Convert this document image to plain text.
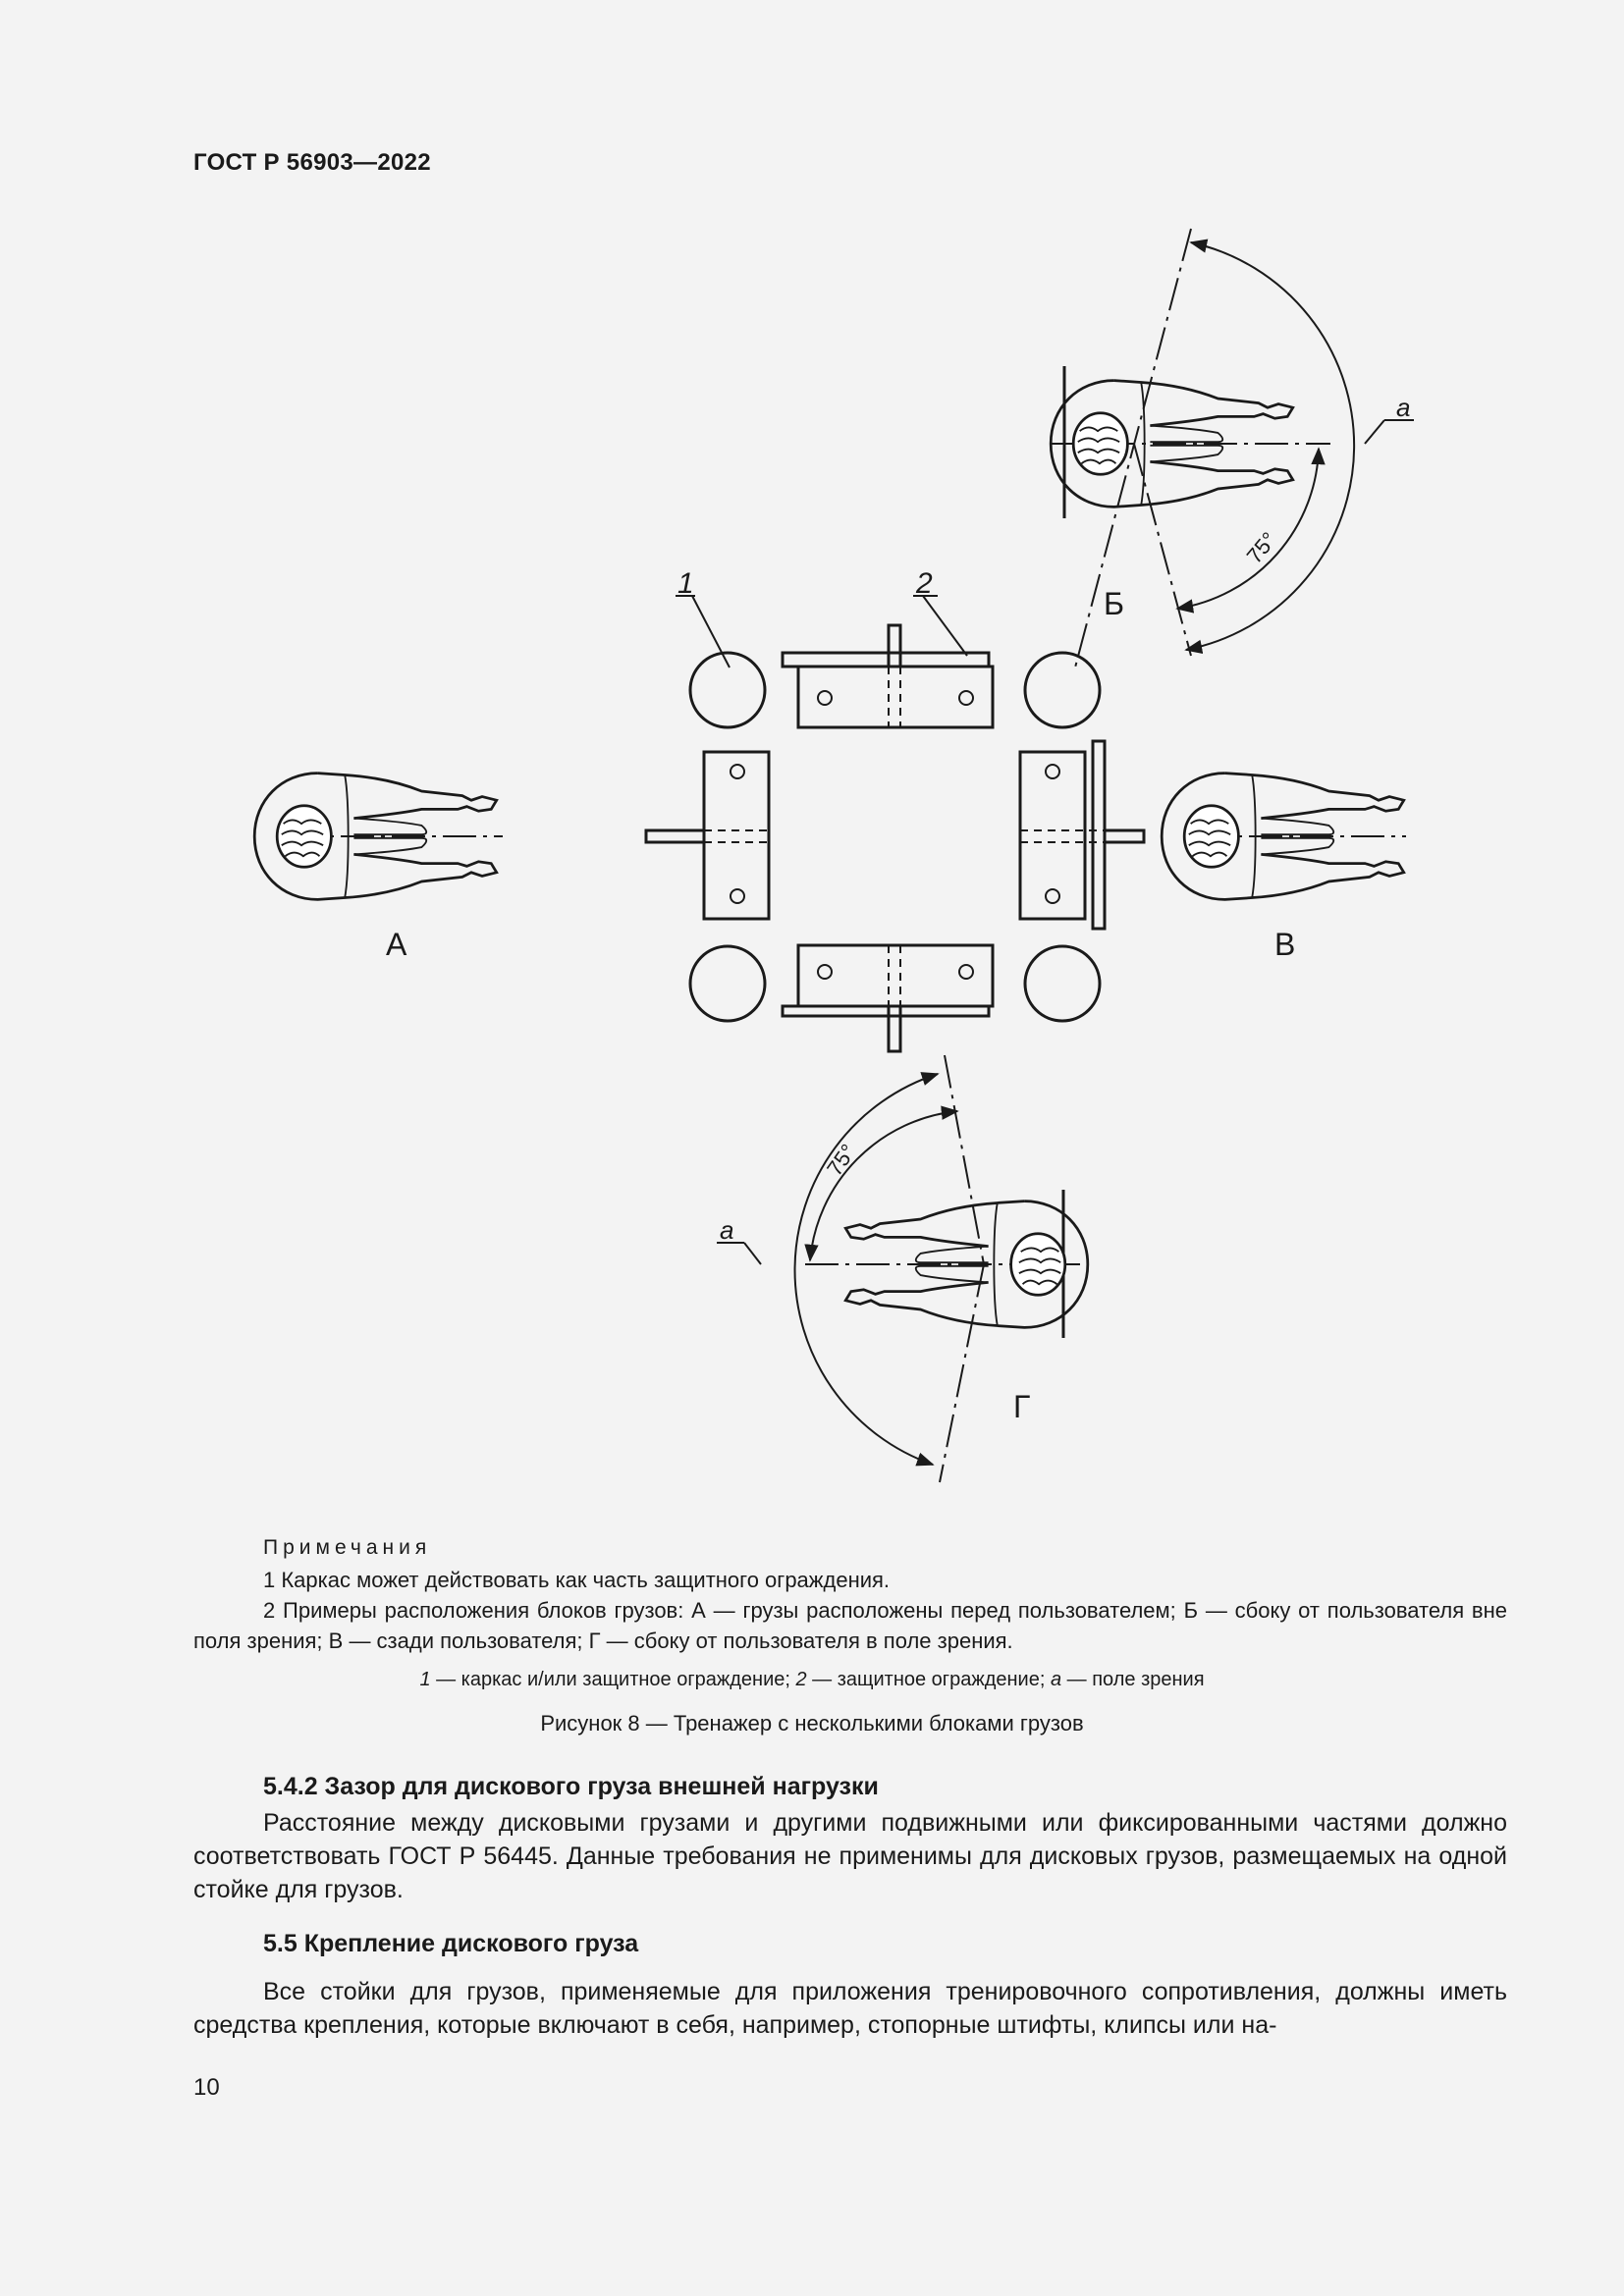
ГОСТ Р 56903—2022
1	2
А	В
75°
a
Б
75°
a
Г
Примечания
1 Каркас может действовать как часть защитного ограждения.
2 Примеры расположения блоков грузов: А — грузы расположены перед пользователем; Б — сбоку от пользователя вне поля зрения; В — сзади пользователя; Г — сбоку от пользователя в поле зрения.
1 — каркас и/или защитное ограждение; 2 — защитное ограждение; а — поле зрения
Рисунок 8 — Тренажер с несколькими блоками грузов
5.4.2 Зазор для дискового груза внешней нагрузки
Расстояние между дисковыми грузами и другими подвижными или фиксированными частями должно соответствовать ГОСТ Р 56445. Данные требования не применимы для дисковых грузов, размещаемых на одной стойке для грузов.
5.5 Крепление дискового груза
Все стойки для грузов, применяемые для приложения тренировочного сопротивления, должны иметь средства крепления, которые включают в себя, например, стопорные штифты, клипсы или на-
10
